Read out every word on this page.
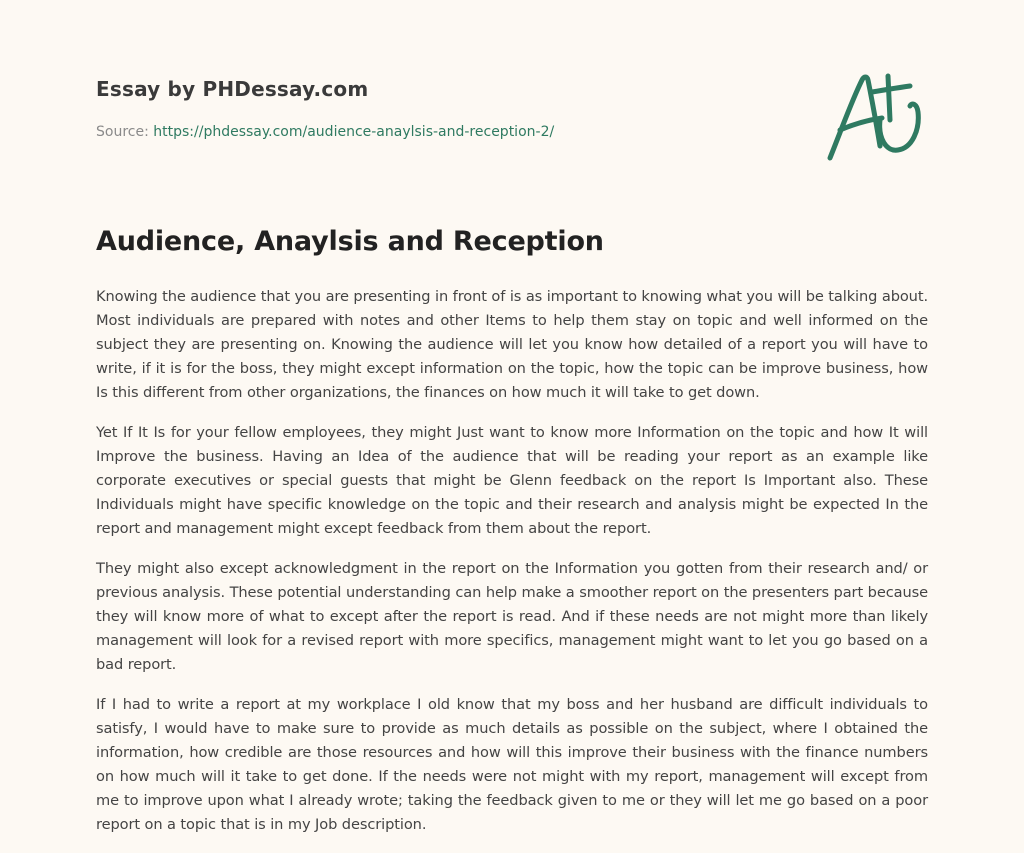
Essay by PHDessay.com
Source: https://phdessay.com/audience-anaylsis-and-reception-2/
Audience, Anaylsis and Reception

Knowing the audience that you are presenting in front of is as important to knowing what you will be talking about. Most individuals are prepared with notes and other Items to help them stay on topic and well informed on the subject they are presenting on. Knowing the audience will let you know how detailed of a report you will have to write, if it is for the boss, they might except information on the topic, how the topic can be improve business, how Is this different from other organizations, the finances on how much it will take to get down.

Yet If It Is for your fellow employees, they might Just want to know more Information on the topic and how It will Improve the business. Having an Idea of the audience that will be reading your report as an example like corporate executives or special guests that might be Glenn feedback on the report Is Important also. These Individuals might have specific knowledge on the topic and their research and analysis might be expected In the report and management might except feedback from them about the report.

They might also except acknowledgment in the report on the Information you gotten from their research and/ or previous analysis. These potential understanding can help make a smoother report on the presenters part because they will know more of what to except after the report is read. And if these needs are not might more than likely management will look for a revised report with more specifics, management might want to let you go based on a bad report.

If I had to write a report at my workplace I old know that my boss and her husband are difficult individuals to satisfy, I would have to make sure to provide as much details as possible on the subject, where I obtained the information, how credible are those resources and how will this improve their business with the finance numbers on how much will it take to get done. If the needs were not might with my report, management will except from me to improve upon what I already wrote; taking the feedback given to me or they will let me go based on a poor report on a topic that is in my Job description.
